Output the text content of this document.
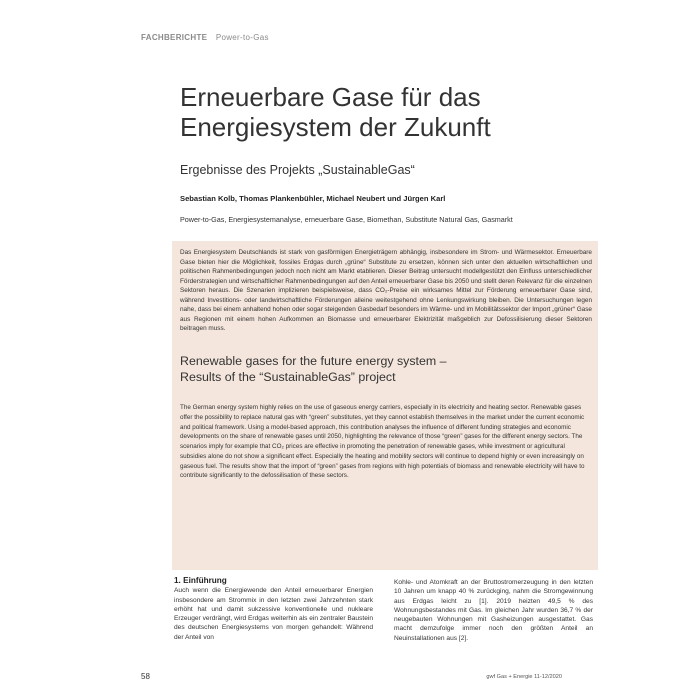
FACHBERICHTE Power-to-Gas
Erneuerbare Gase für das Energiesystem der Zukunft
Ergebnisse des Projekts „SustainableGas“
Sebastian Kolb, Thomas Plankenbühler, Michael Neubert und Jürgen Karl
Power-to-Gas, Energiesystemanalyse, erneuerbare Gase, Biomethan, Substitute Natural Gas, Gasmarkt

Das Energiesystem Deutschlands ist stark von gasförmigen Energieträgern abhängig, insbesondere im Strom- und Wärmesektor. Erneuerbare Gase bieten hier die Möglichkeit, fossiles Erdgas durch „grüne“ Substitute zu ersetzen, können sich unter den aktuellen wirtschaftlichen und politischen Rahmenbedingungen jedoch noch nicht am Markt etablieren. Dieser Beitrag untersucht modellgestützt den Einfluss unterschiedlicher Förderstrategien und wirtschaftlicher Rahmenbedingungen auf den Anteil erneuerbarer Gase bis 2050 und stellt deren Relevanz für die einzelnen Sektoren heraus. Die Szenarien implizieren beispielsweise, dass CO₂-Preise ein wirksames Mittel zur Förderung erneuerbarer Gase sind, während Investitions- oder landwirtschaftliche Förderungen alleine weitestgehend ohne Lenkungswirkung bleiben. Die Untersuchungen legen nahe, dass bei einem anhaltend hohen oder sogar steigenden Gasbedarf besonders im Wärme- und im Mobilitätssektor der Import „grüner“ Gase aus Regionen mit einem hohen Aufkommen an Biomasse und erneuerbarer Elektrizität maßgeblich zur Defossilisierung dieser Sektoren beitragen muss.

Renewable gases for the future energy system –
Results of the “SustainableGas” project

The German energy system highly relies on the use of gaseous energy carriers, especially in its electricity and heating sector. Renewable gases offer the possibility to replace natural gas with “green” substitutes, yet they cannot establish themselves in the market under the current economic and political framework. Using a model-based approach, this contribution analyses the influence of different funding strategies and economic developments on the share of renewable gases until 2050, highlighting the relevance of those “green” gases for the different energy sectors. The scenarios imply for example that CO₂ prices are effective in promoting the penetration of renewable gases, while investment or agricultural subsidies alone do not show a significant effect. Especially the heating and mobility sectors will continue to depend highly or even increasingly on gaseous fuel. The results show that the import of “green” gases from regions with high potentials of biomass and renewable electricity will have to contribute significantly to the defossilisation of these sectors.

1. Einführung

Auch wenn die Energiewende den Anteil erneuerbarer Energien insbesondere am Strommix in den letzten zwei Jahrzehnten stark erhöht hat und damit sukzessive konventionelle und nukleare Erzeuger verdrängt, wird Erdgas weiterhin als ein zentraler Baustein des deutschen Energiesystems von morgen gehandelt: Während der Anteil von

Kohle- und Atomkraft an der Bruttostromerzeugung in den letzten 10 Jahren um knapp 40 % zurückging, nahm die Stromgewinnung aus Erdgas leicht zu [1]. 2019 heizten 49,5 % des Wohnungsbestandes mit Gas. Im gleichen Jahr wurden 36,7 % der neugebauten Wohnungen mit Gasheizungen ausgestattet. Gas macht demzufolge immer noch den größten Anteil an Neuinstallationen aus [2].

58	gwf Gas + Energie 11-12/2020
